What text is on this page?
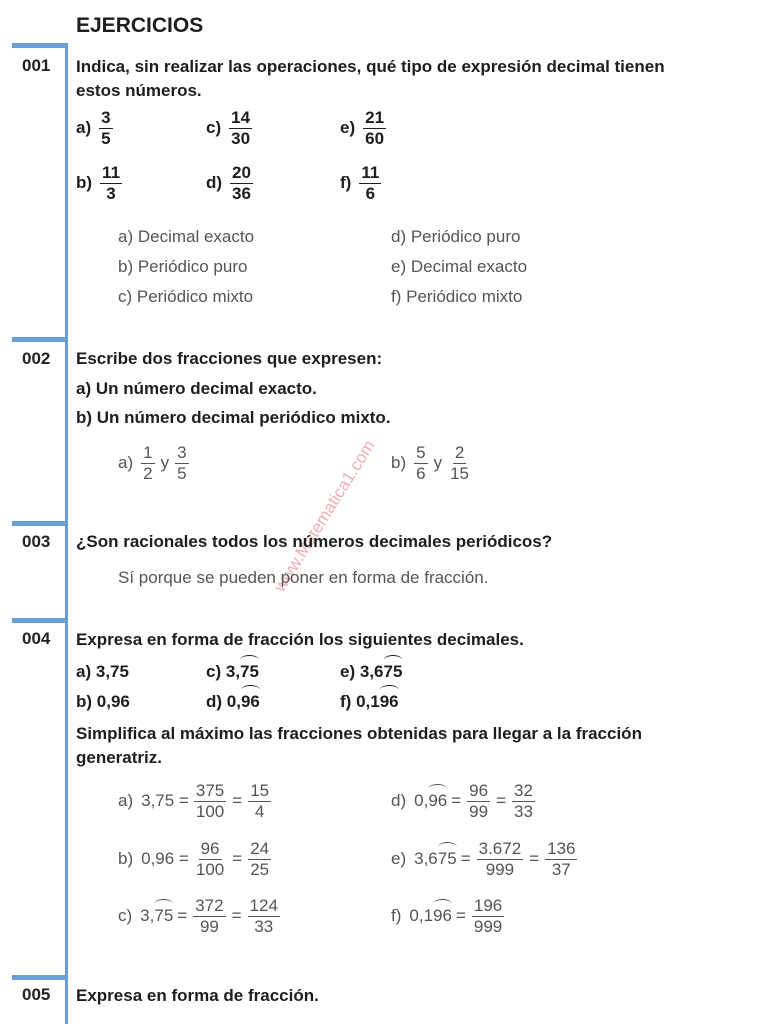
www.Matematica1.com
EJERCICIOS
001 Indica, sin realizar las operaciones, qué tipo de expresión decimal tienen estos números.
$a) \frac{3}{5}$	$c) \frac{14}{30}$	$e) \frac{21}{60}$
$b) \frac{11}{3}$	$d) \frac{20}{36}$	$f) \frac{11}{6}$
a) Decimal exacto
b) Periódico puro
c) Periódico mixto
d) Periódico puro
e) Decimal exacto
f) Periódico mixto
002 Escribe dos fracciones que expresen:
a) Un número decimal exacto.
b) Un número decimal periódico mixto.
$a) \frac{1}{2}$ y $\frac{3}{5}$	$b) \frac{5}{6}$ y $\frac{2}{15}$
003 ¿Son racionales todos los números decimales periódicos?
Sí porque se pueden poner en forma de fracción.
004 Expresa en forma de fracción los siguientes decimales.
a) 3,75	c) 3,75	e) 3,675
b) 0,96	d) 0,96	f) 0,196
Simplifica al máximo las fracciones obtenidas para llegar a la fracción generatriz.
a) $3,75 = \frac{375}{100} = \frac{15}{4}$
b) $0,96 = \frac{96}{100} = \frac{24}{25}$
c) 3, $75 = \frac{372}{99} = \frac{124}{33}$
d) 0, $96 = \frac{96}{99} = \frac{32}{33}$
e) 3,6 $75 = \frac{3.672}{999} = \frac{136}{37}$
f) 0,1 $96 = \frac{196}{999}$
005 Expresa en forma de fracción.
